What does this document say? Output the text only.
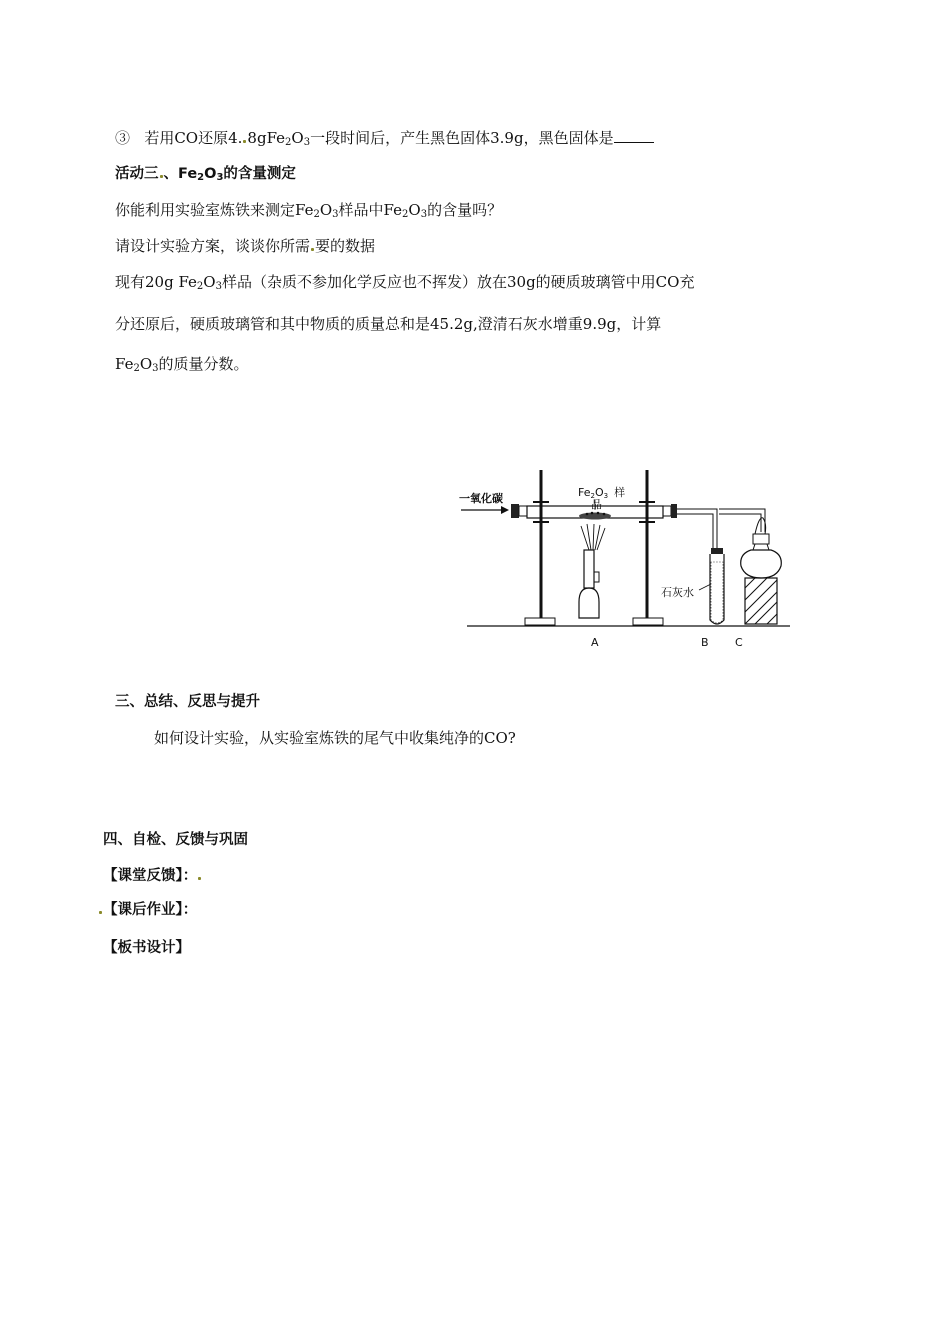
③ 若用CO还原4. $8gFe_2O_3$一段时间后，产生黑色固体3.9g，黑色固体是
活动三 、$Fe_2O_3$的含量测定
你能利用实验室炼铁来测定$Fe_2O_3$样品中$Fe_2O_3$的含量吗？
请设计实验方案，谈谈你所需 要的数据
现有20g $Fe_2O_3$样品（杂质不参加化学反应也不挥发）放在30g的硬质玻璃管中用CO充
分还原后，硬质玻璃管和其中物质的质量总和是45.2g,澄清石灰水增重9.9g，计算
$Fe_2O_3$的质量分数。
一氧化碳	Fe2O3 样
品
石灰水
A	B C
三、总结、反思与提升
如何设计实验，从实验室炼铁的尾气中收集纯净的CO?
四、自检、反馈与巩固
【课堂反馈】：
【课后作业】：
【板书设计】
